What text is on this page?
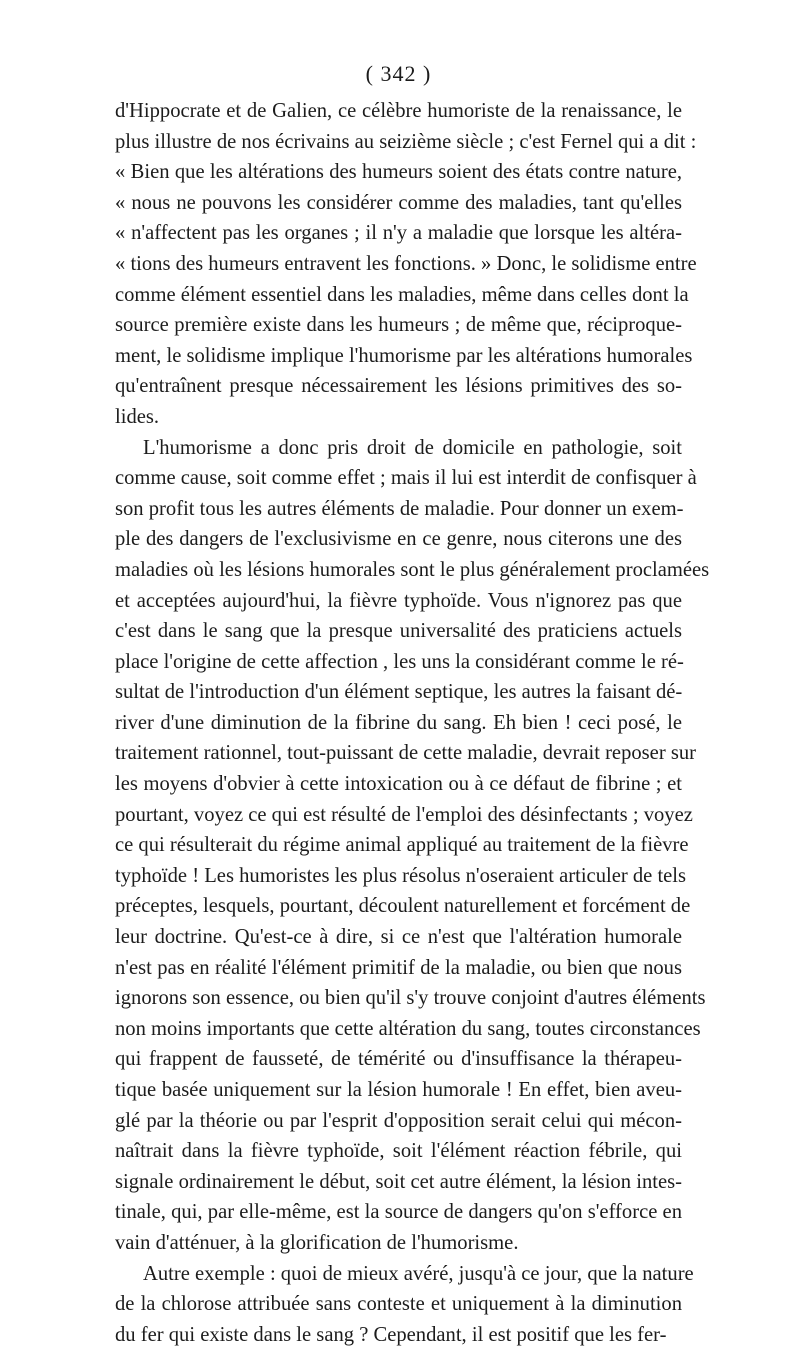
( 342 )
d'Hippocrate et de Galien, ce célèbre humoriste de la renaissance, le
plus illustre de nos écrivains au seizième siècle ; c'est Fernel qui a dit :
« Bien que les altérations des humeurs soient des états contre nature,
« nous ne pouvons les considérer comme des maladies, tant qu'elles
« n'affectent pas les organes ; il n'y a maladie que lorsque les altéra-
« tions des humeurs entravent les fonctions. » Donc, le solidisme entre
comme élément essentiel dans les maladies, même dans celles dont la
source première existe dans les humeurs ; de même que, réciproque-
ment, le solidisme implique l'humorisme par les altérations humorales
qu'entraînent presque nécessairement les lésions primitives des so-
lides.
L'humorisme a donc pris droit de domicile en pathologie, soit
comme cause, soit comme effet ; mais il lui est interdit de confisquer à
son profit tous les autres éléments de maladie. Pour donner un exem-
ple des dangers de l'exclusivisme en ce genre, nous citerons une des
maladies où les lésions humorales sont le plus généralement proclamées
et acceptées aujourd'hui, la fièvre typhoïde. Vous n'ignorez pas que
c'est dans le sang que la presque universalité des praticiens actuels
place l'origine de cette affection , les uns la considérant comme le ré-
sultat de l'introduction d'un élément septique, les autres la faisant dé-
river d'une diminution de la fibrine du sang. Eh bien ! ceci posé, le
traitement rationnel, tout-puissant de cette maladie, devrait reposer sur
les moyens d'obvier à cette intoxication ou à ce défaut de fibrine ; et
pourtant, voyez ce qui est résulté de l'emploi des désinfectants ; voyez
ce qui résulterait du régime animal appliqué au traitement de la fièvre
typhoïde ! Les humoristes les plus résolus n'oseraient articuler de tels
préceptes, lesquels, pourtant, découlent naturellement et forcément de
leur doctrine. Qu'est-ce à dire, si ce n'est que l'altération humorale
n'est pas en réalité l'élément primitif de la maladie, ou bien que nous
ignorons son essence, ou bien qu'il s'y trouve conjoint d'autres éléments
non moins importants que cette altération du sang, toutes circonstances
qui frappent de fausseté, de témérité ou d'insuffisance la thérapeu-
tique basée uniquement sur la lésion humorale ! En effet, bien aveu-
glé par la théorie ou par l'esprit d'opposition serait celui qui mécon-
naîtrait dans la fièvre typhoïde, soit l'élément réaction fébrile, qui
signale ordinairement le début, soit cet autre élément, la lésion intes-
tinale, qui, par elle-même, est la source de dangers qu'on s'efforce en
vain d'atténuer, à la glorification de l'humorisme.
Autre exemple : quoi de mieux avéré, jusqu'à ce jour, que la nature
de la chlorose attribuée sans conteste et uniquement à la diminution
du fer qui existe dans le sang ? Cependant, il est positif que les fer-
